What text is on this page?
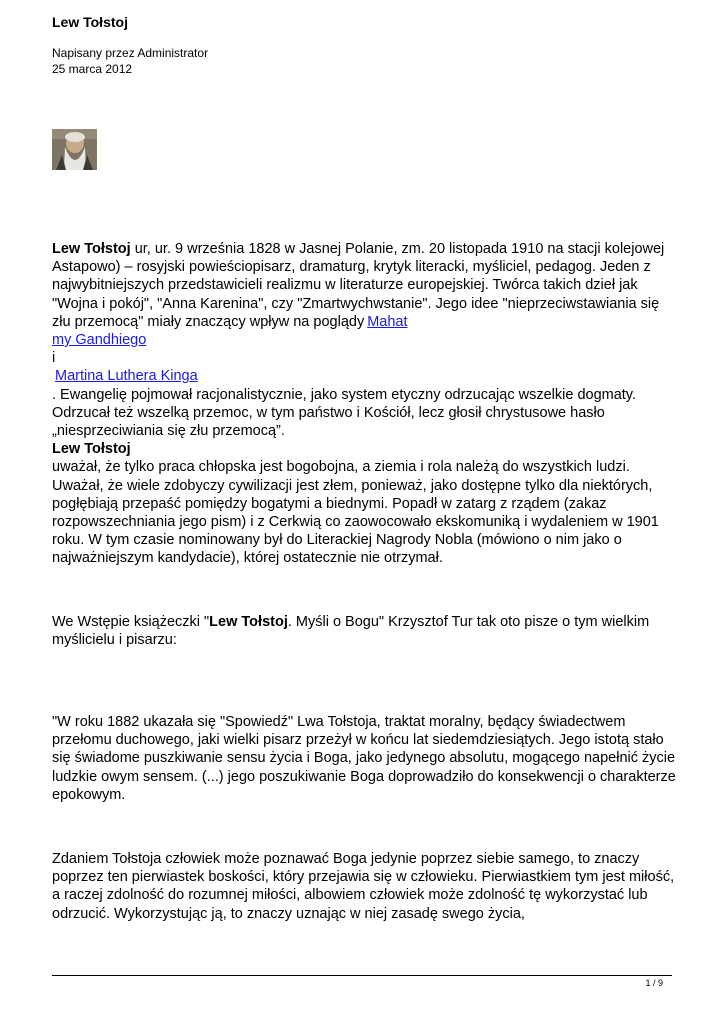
Lew Tołstoj
Napisany przez Administrator
25 marca 2012

Lew Tołstoj ur, ur. 9 września 1828 w Jasnej Polanie, zm. 20 listopada 1910 na stacji kolejowej Astapowo) – rosyjski powieściopisarz, dramaturg, krytyk literacki, myśliciel, pedagog. Jeden z najwybitniejszych przedstawicieli realizmu w literaturze europejskiej. Twórca takich dzieł jak "Wojna i pokój", "Anna Karenina", czy "Zmartwychwstanie". Jego idee "nieprzeciwstawiania się złu przemocą" miały znaczący wpływ na poglądy Mahat

my Gandhiego

i

Martina Luthera Kinga

. Ewangelię pojmował racjonalistycznie, jako system etyczny odrzucając wszelkie dogmaty. Odrzucał też wszelką przemoc, w tym państwo i Kościół, lecz głosił chrystusowe hasło „niesprzeciwiania się złu przemocą”.

Lew Tołstoj

uważał, że tylko praca chłopska jest bogobojna, a ziemia i rola należą do wszystkich ludzi. Uważał, że wiele zdobyczy cywilizacji jest złem, ponieważ, jako dostępne tylko dla niektórych, pogłębiają przepaść pomiędzy bogatymi a biednymi. Popadł w zatarg z rządem (zakaz rozpowszechniania jego pism) i z Cerkwią co zaowocowało ekskomuniką i wydaleniem w 1901 roku. W tym czasie nominowany był do Literackiej Nagrody Nobla (mówiono o nim jako o najważniejszym kandydacie), której ostatecznie nie otrzymał.

We Wstępie książeczki "Lew Tołstoj. Myśli o Bogu" Krzysztof Tur tak oto pisze o tym wielkim myślicielu i pisarzu:

"W roku 1882 ukazała się "Spowiedź" Lwa Tołstoja, traktat moralny, będący świadectwem przełomu duchowego, jaki wielki pisarz przeżył w końcu lat siedemdziesiątych. Jego istotą stało się świadome puszkiwanie sensu życia i Boga, jako jedynego absolutu, mogącego napełnić życie ludzkie owym sensem. (...) jego poszukiwanie Boga doprowadziło do konsekwencji o charakterze epokowym.

Zdaniem Tołstoja człowiek może poznawać Boga jedynie poprzez siebie samego, to znaczy poprzez ten pierwiastek boskości, który przejawia się w człowieku. Pierwiastkiem tym jest miłość, a raczej zdolność do rozumnej miłości, albowiem człowiek może zdolność tę wykorzystać lub odrzucić. Wykorzystując ją, to znaczy uznając w niej zasadę swego życia,

1 / 9
